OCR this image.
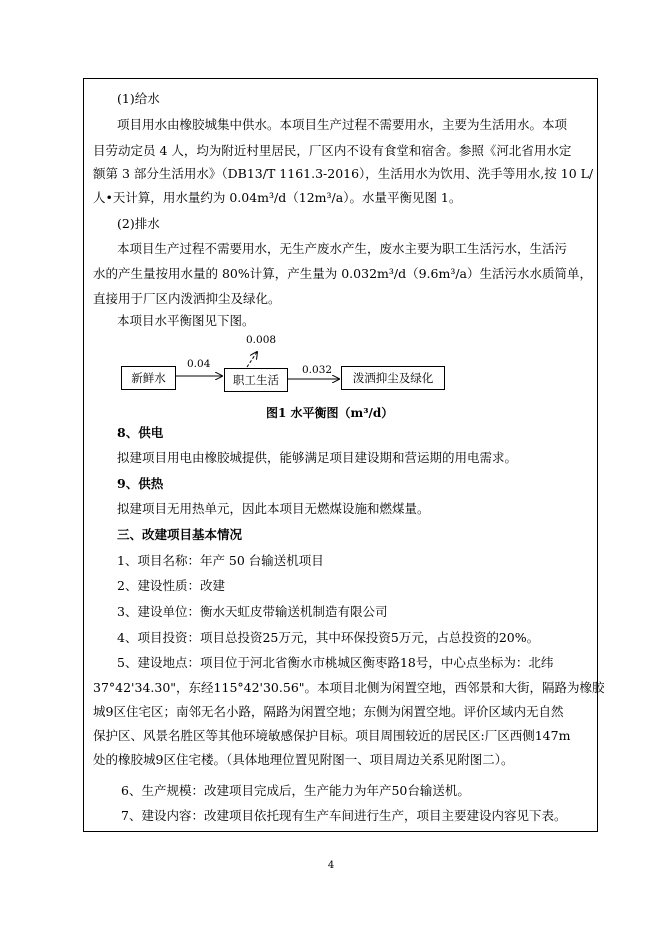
(1)给水
项目用水由橡胶城集中供水。本项目生产过程不需要用水，主要为生活用水。本项
目劳动定员 4 人，均为附近村里居民，厂区内不设有食堂和宿舍。参照《河北省用水定
额第 3 部分生活用水》（DB13/T 1161.3-2016），生活用水为饮用、洗手等用水,按 10 L/
人•天计算，用水量约为 0.04m³/d（12m³/a）。水量平衡见图 1。
(2)排水
本项目生产过程不需要用水，无生产废水产生，废水主要为职工生活污水，生活污
水的产生量按用水量的 80%计算，产生量为 0.032m³/d（9.6m³/a）生活污水水质简单，
直接用于厂区内泼洒抑尘及绿化。
本项目水平衡图见下图。
新鲜水	职工生活	泼洒抑尘及绿化
0.04
0.008
0.032
图1 水平衡图（m³/d）
8、供电
拟建项目用电由橡胶城提供，能够满足项目建设期和营运期的用电需求。
9、供热
拟建项目无用热单元，因此本项目无燃煤设施和燃煤量。
三、改建项目基本情况
1、项目名称：年产 50 台输送机项目
2、建设性质：改建
3、建设单位：衡水天虹皮带输送机制造有限公司
4、项目投资：项目总投资25万元，其中环保投资5万元，占总投资的20%。
5、建设地点：项目位于河北省衡水市桃城区衡枣路18号，中心点坐标为：北纬
37°42'34.30"，东经115°42'30.56"。本项目北侧为闲置空地，西邻景和大街，隔路为橡胶
城9区住宅区；南邻无名小路，隔路为闲置空地；东侧为闲置空地。评价区域内无自然
保护区、风景名胜区等其他环境敏感保护目标。项目周围较近的居民区:厂区西侧147m
处的橡胶城9区住宅楼。（具体地理位置见附图一、项目周边关系见附图二）。
6、生产规模：改建项目完成后，生产能力为年产50台输送机。
7、建设内容：改建项目依托现有生产车间进行生产，项目主要建设内容见下表。
4
